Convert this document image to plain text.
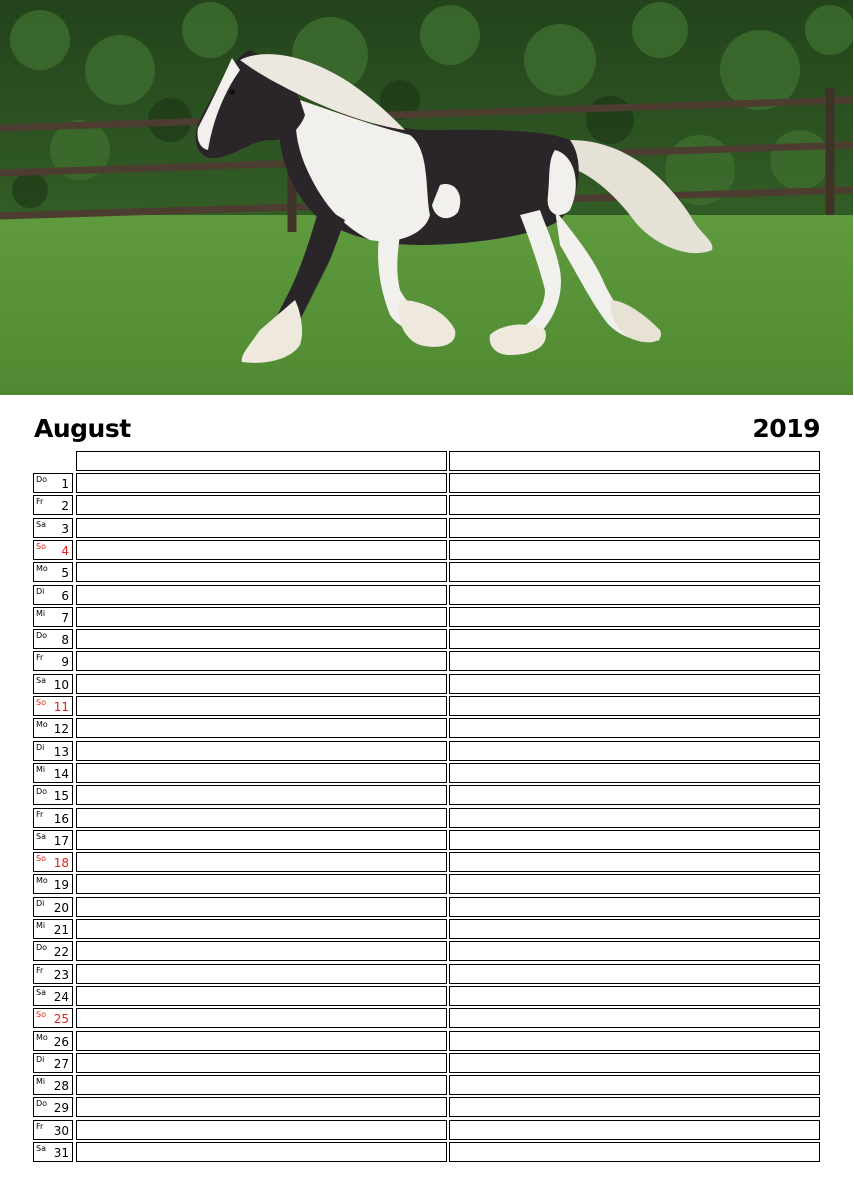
August	2019
Do 1
Fr 2
Sa 3
So 4
Mo 5
Di 6
Mi 7
Do 8
Fr 9
Sa 10
So 11
Mo 12
Di 13
Mi 14
Do 15
Fr 16
Sa 17
So 18
Mo 19
Di 20
Mi 21
Do 22
Fr 23
Sa 24
So 25
Mo 26
Di 27
Mi 28
Do 29
Fr 30
Sa 31
